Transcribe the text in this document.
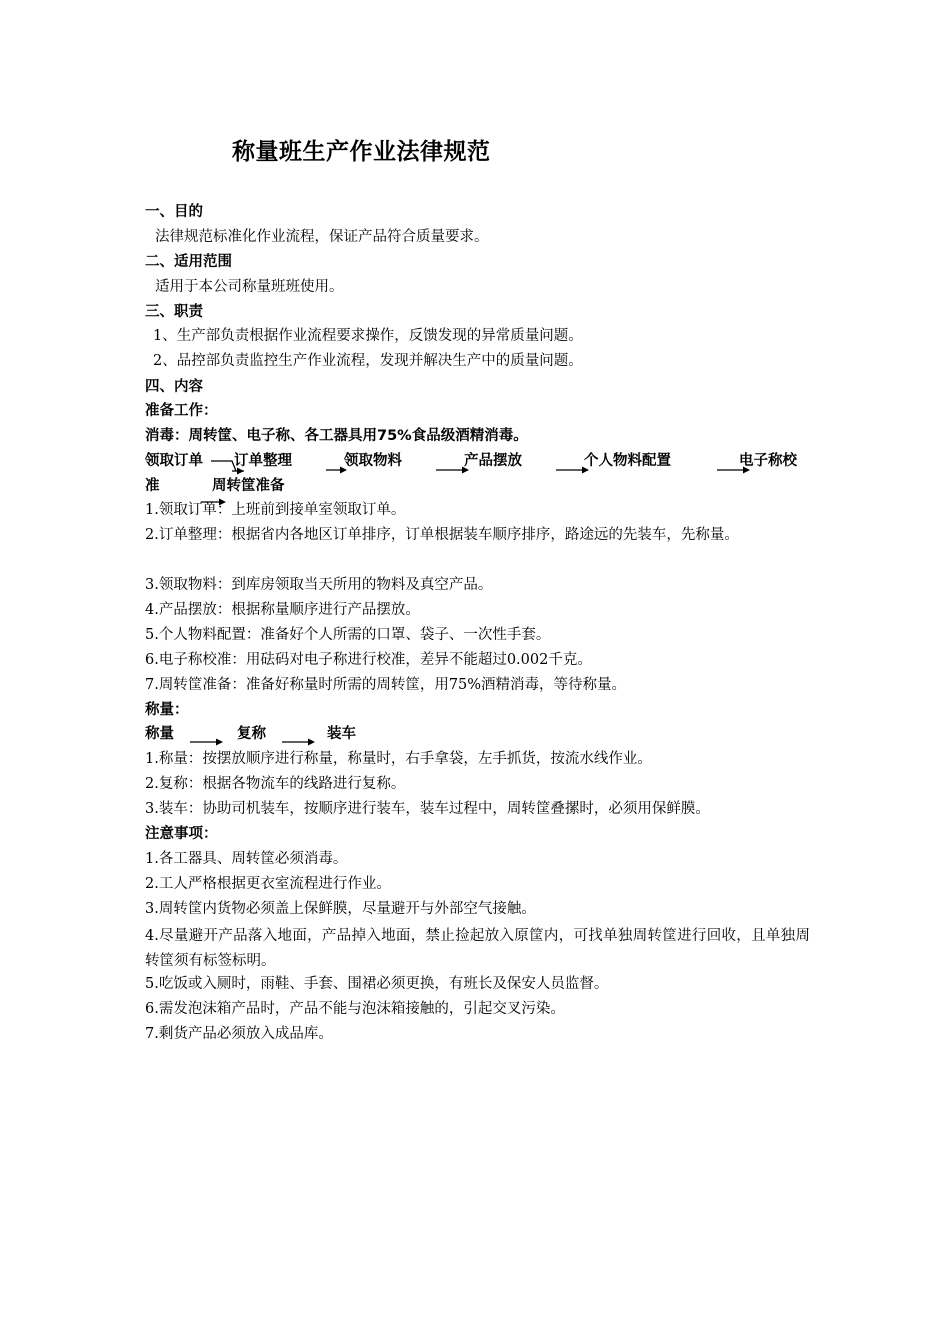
称量班生产作业法律规范
一、目的
法律规范标准化作业流程，保证产品符合质量要求。
二、适用范围
适用于本公司称量班班使用。
三、职责
1、生产部负责根据作业流程要求操作，反馈发现的异常质量问题。
2、品控部负责监控生产作业流程，发现并解决生产中的质量问题。
四、内容
准备工作：
消毒：周转筐、电子称、各工器具用75%食品级酒精消毒。
领取订单 订单整理	领取物料	产品摆放	个人物料配置	电子称校
准	周转筐准备
1.领取订单：上班前到接单室领取订单。
2.订单整理：根据省内各地区订单排序，订单根据装车顺序排序，路途远的先装车，先称量。
3.领取物料：到库房领取当天所用的物料及真空产品。
4.产品摆放：根据称量顺序进行产品摆放。
5.个人物料配置：准备好个人所需的口罩、袋子、一次性手套。
6.电子称校准：用砝码对电子称进行校准，差异不能超过0.002千克。
7.周转筐准备：准备好称量时所需的周转筐，用75%酒精消毒，等待称量。
称量：
称量	复称	装车
1.称量：按摆放顺序进行称量，称量时，右手拿袋，左手抓货，按流水线作业。
2.复称：根据各物流车的线路进行复称。
3.装车：协助司机装车，按顺序进行装车，装车过程中，周转筐叠摞时，必须用保鲜膜。
注意事项：
1.各工器具、周转筐必须消毒。
2.工人严格根据更衣室流程进行作业。
3.周转筐内货物必须盖上保鲜膜，尽量避开与外部空气接触。
4.尽量避开产品落入地面，产品掉入地面，禁止捡起放入原筐内，可找单独周转筐进行回收，且单独周转筐须有标签标明。
5.吃饭或入厕时，雨鞋、手套、围裙必须更换，有班长及保安人员监督。
6.需发泡沫箱产品时，产品不能与泡沫箱接触的，引起交叉污染。
7.剩货产品必须放入成品库。
